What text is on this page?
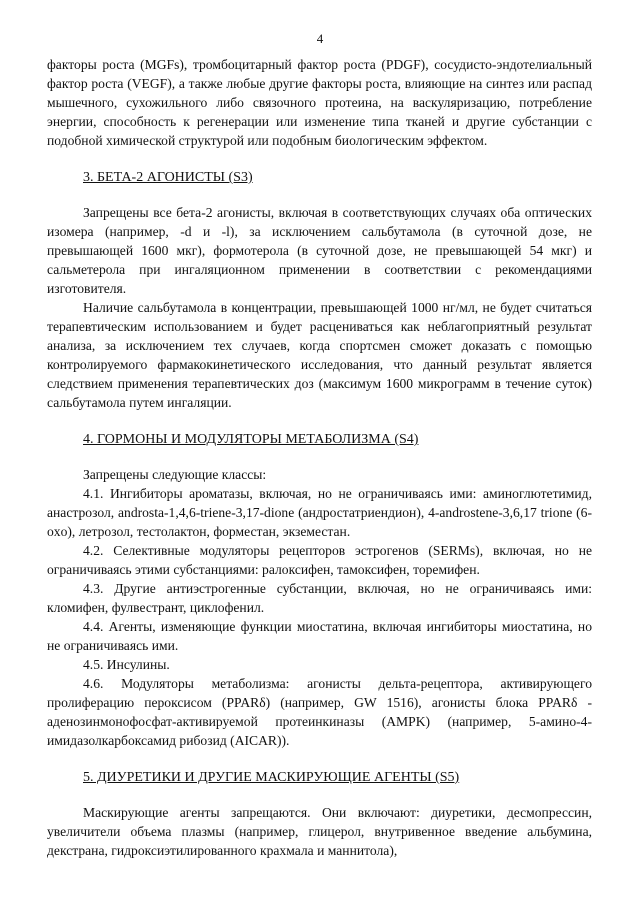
4

факторы роста (MGFs), тромбоцитарный фактор роста (PDGF), сосудисто-эндотелиальный фактор роста (VEGF), а также любые другие факторы роста, влияющие на синтез или распад мышечного, сухожильного либо связочного протеина, на васкуляризацию, потребление энергии, способность к регенерации или изменение типа тканей и другие субстанции с подобной химической структурой или подобным биологическим эффектом.

3. БЕТА-2 АГОНИСТЫ (S3)

Запрещены все бета-2 агонисты, включая в соответствующих случаях оба оптических изомера (например, -d и -l), за исключением сальбутамола (в суточной дозе, не превышающей 1600 мкг), формотерола (в суточной дозе, не превышающей 54 мкг) и сальметерола при ингаляционном применении в соответствии с рекомендациями изготовителя.

Наличие сальбутамола в концентрации, превышающей 1000 нг/мл, не будет считаться терапевтическим использованием и будет расцениваться как неблагоприятный результат анализа, за исключением тех случаев, когда спортсмен сможет доказать с помощью контролируемого фармакокинетического исследования, что данный результат является следствием применения терапевтических доз (максимум 1600 микрограмм в течение суток) сальбутамола путем ингаляции.

4. ГОРМОНЫ И МОДУЛЯТОРЫ МЕТАБОЛИЗМА (S4)

Запрещены следующие классы:

4.1. Ингибиторы ароматазы, включая, но не ограничиваясь ими: аминоглютетимид, анастрозол, androsta-1,4,6-triene-3,17-dione (андростатриендион), 4-androstene-3,6,17 trione (6-oxo), летрозол, тестолактон, форместан, экземестан.

4.2. Селективные модуляторы рецепторов эстрогенов (SERMs), включая, но не ограничиваясь этими субстанциями: ралоксифен, тамоксифен, торемифен.

4.3. Другие антиэстрогенные субстанции, включая, но не ограничиваясь ими: кломифен, фулвестрант, циклофенил.

4.4. Агенты, изменяющие функции миостатина, включая ингибиторы миостатина, но не ограничиваясь ими.

4.5. Инсулины.

4.6. Модуляторы метаболизма: агонисты дельта-рецептора, активирующего пролиферацию пероксисом (PPARδ) (например, GW 1516), агонисты блока PPARδ - аденозинмонофосфат-активируемой протеинкиназы (AMPK) (например, 5-амино-4-имидазолкарбоксамид рибозид (AICAR)).

5. ДИУРЕТИКИ И ДРУГИЕ МАСКИРУЮЩИЕ АГЕНТЫ (S5)

Маскирующие агенты запрещаются. Они включают: диуретики, десмопрессин, увеличители объема плазмы (например, глицерол, внутривенное введение альбумина, декстрана, гидроксиэтилированного крахмала и маннитола),
